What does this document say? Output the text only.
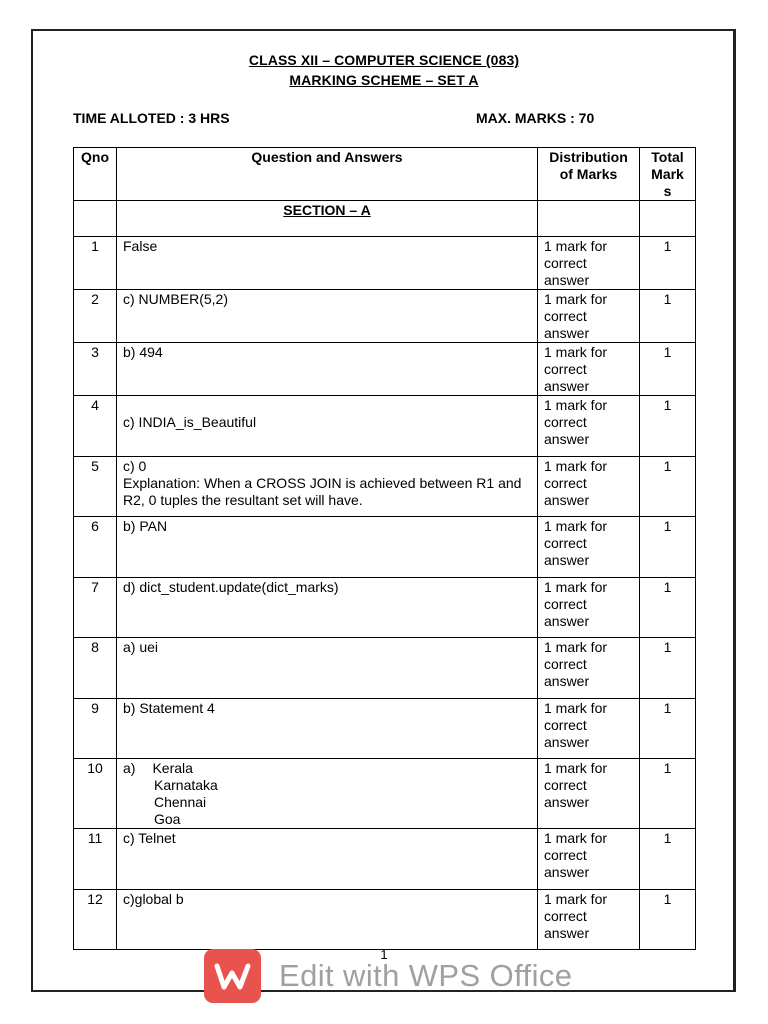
CLASS XII – COMPUTER SCIENCE (083)
MARKING SCHEME – SET A
TIME ALLOTED : 3 HRS	MAX. MARKS : 70
Qno	Question and Answers	Distribution of Marks	Total Mark s

	SECTION – A		

1	False	1 mark for correct answer	1
2	c) NUMBER(5,2)	1 mark for correct answer	1
3	b) 494	1 mark for correct answer	1
4	c) INDIA_is_Beautiful	1 mark for correct answer	1
5	c) 0
Explanation: When a CROSS JOIN is achieved between R1 and R2, 0 tuples the resultant set will have.	1 mark for correct answer	1
6	b) PAN	1 mark for correct answer	1
7	d) dict_student.update(dict_marks)	1 mark for correct answer	1
8	a) uei	1 mark for correct answer	1
9	b) Statement 4	1 mark for correct answer	1
10	a) Kerala

Karnataka
Chennai
Goa	1 mark for correct answer	1
11	c) Telnet	1 mark for correct answer	1
12	c)global b	1 mark for correct answer	1
1
Edit with WPS Office
